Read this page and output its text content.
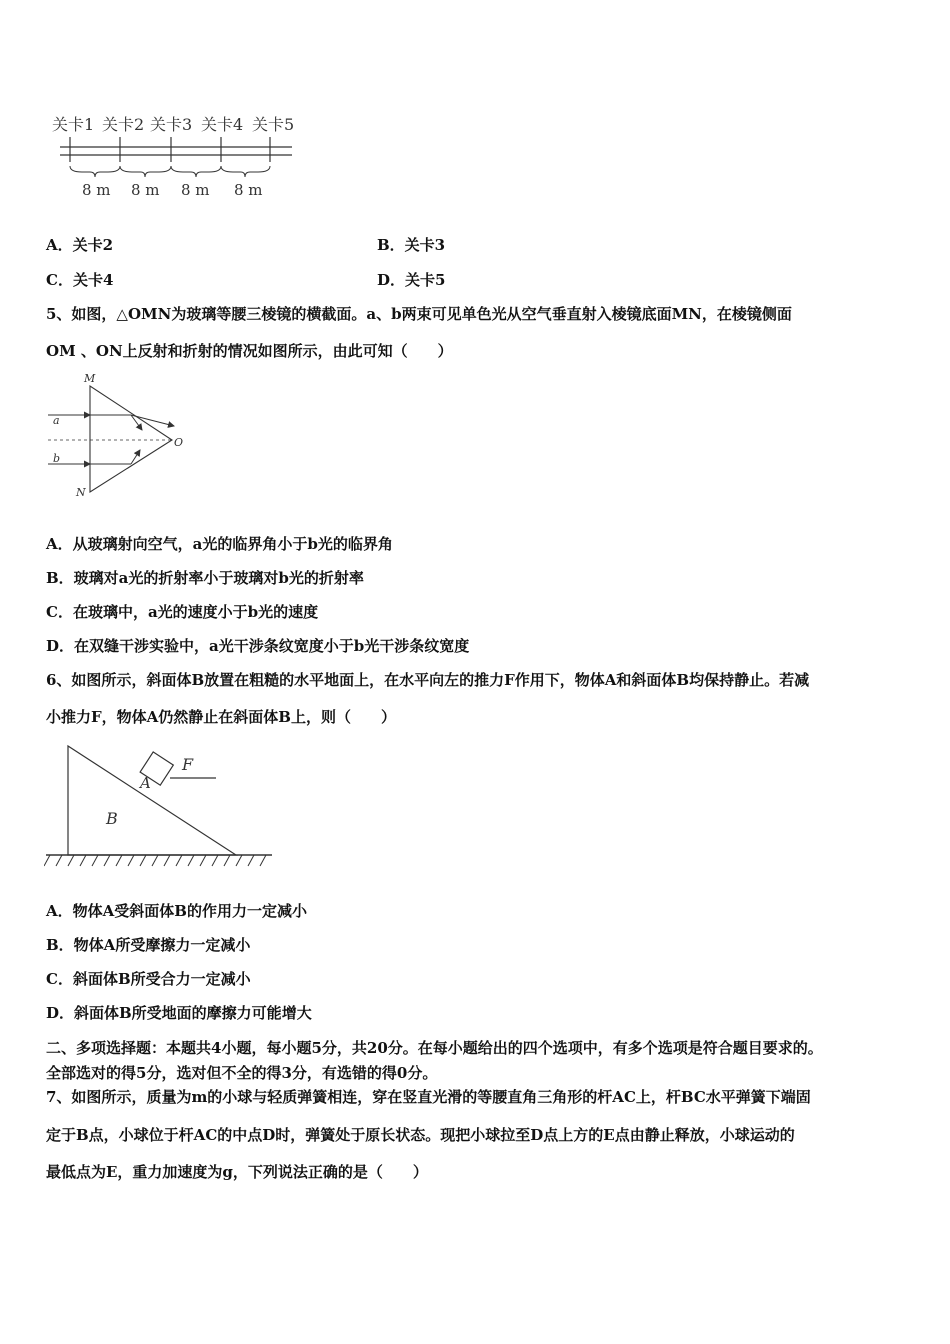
关卡1 关卡2 关卡3 关卡4 关卡5
8 m 8 m 8 m 8 m
A．关卡2	B．关卡3
C．关卡4	D．关卡5
5、如图，△OMN为玻璃等腰三棱镜的横截面。a、b两束可见单色光从空气垂直射入棱镜底面MN，在棱镜侧面
OM 、ON上反射和折射的情况如图所示，由此可知（　　）
M
N
O
a
b
A．从玻璃射向空气，a光的临界角小于b光的临界角
B．玻璃对a光的折射率小于玻璃对b光的折射率
C．在玻璃中，a光的速度小于b光的速度
D．在双缝干涉实验中，a光干涉条纹宽度小于b光干涉条纹宽度
6、如图所示，斜面体B放置在粗糙的水平地面上，在水平向左的推力F作用下，物体A和斜面体B均保持静止。若减
小推力F，物体A仍然静止在斜面体B上，则（　　）
A
B
F
A．物体A受斜面体B的作用力一定减小
B．物体A所受摩擦力一定减小
C．斜面体B所受合力一定减小
D．斜面体B所受地面的摩擦力可能增大
二、多项选择题：本题共4小题，每小题5分，共20分。在每小题给出的四个选项中，有多个选项是符合题目要求的。
全部选对的得5分，选对但不全的得3分，有选错的得0分。
7、如图所示，质量为m的小球与轻质弹簧相连，穿在竖直光滑的等腰直角三角形的杆AC上，杆BC水平弹簧下端固
定于B点，小球位于杆AC的中点D时，弹簧处于原长状态。现把小球拉至D点上方的E点由静止释放，小球运动的
最低点为E，重力加速度为g，下列说法正确的是（　　）
